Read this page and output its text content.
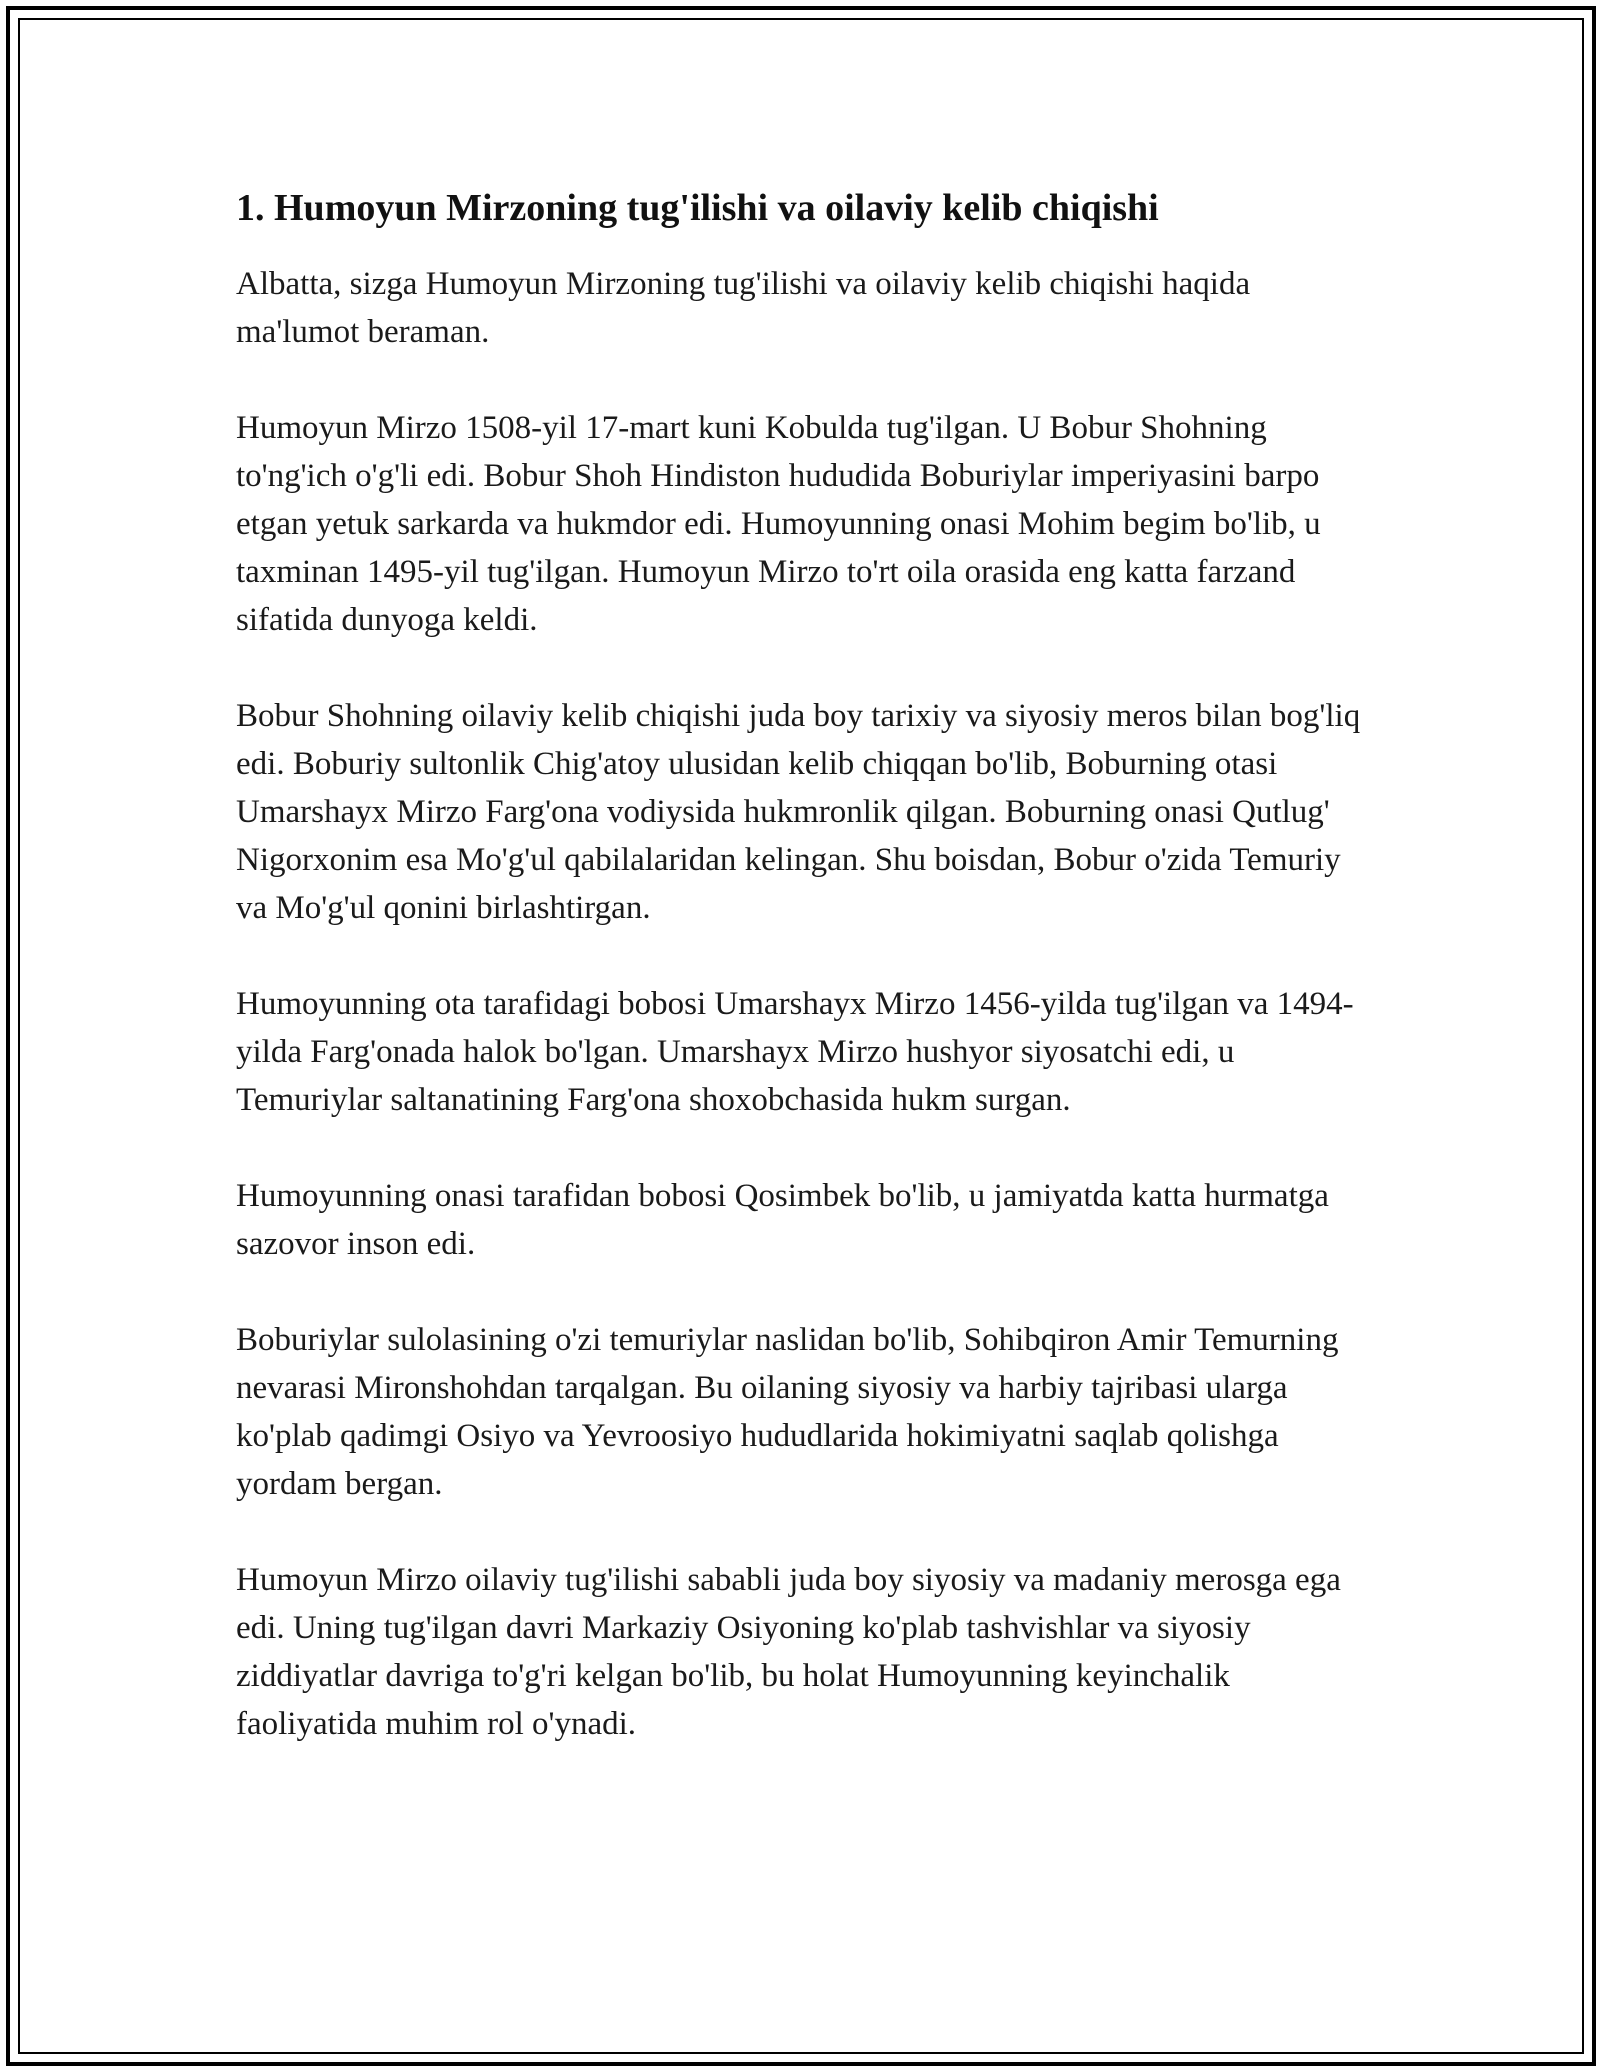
1. Humoyun Mirzoning tug'ilishi va oilaviy kelib chiqishi

Albatta, sizga Humoyun Mirzoning tug'ilishi va oilaviy kelib chiqishi haqida ma'lumot beraman.

Humoyun Mirzo 1508-yil 17-mart kuni Kobulda tug'ilgan. U Bobur Shohning to'ng'ich o'g'li edi. Bobur Shoh Hindiston hududida Boburiylar imperiyasini barpo etgan yetuk sarkarda va hukmdor edi. Humoyunning onasi Mohim begim bo'lib, u taxminan 1495-yil tug'ilgan. Humoyun Mirzo to'rt oila orasida eng katta farzand sifatida dunyoga keldi.

Bobur Shohning oilaviy kelib chiqishi juda boy tarixiy va siyosiy meros bilan bog'liq edi. Boburiy sultonlik Chig'atoy ulusidan kelib chiqqan bo'lib, Boburning otasi Umarshayx Mirzo Farg'ona vodiysida hukmronlik qilgan. Boburning onasi Qutlug' Nigorxonim esa Mo'g'ul qabilalaridan kelingan. Shu boisdan, Bobur o'zida Temuriy va Mo'g'ul qonini birlashtirgan.

Humoyunning ota tarafidagi bobosi Umarshayx Mirzo 1456-yilda tug'ilgan va 1494-yilda Farg'onada halok bo'lgan. Umarshayx Mirzo hushyor siyosatchi edi, u Temuriylar saltanatining Farg'ona shoxobchasida hukm surgan.

Humoyunning onasi tarafidan bobosi Qosimbek bo'lib, u jamiyatda katta hurmatga sazovor inson edi.

Boburiylar sulolasining o'zi temuriylar naslidan bo'lib, Sohibqiron Amir Temurning nevarasi Mironshohdan tarqalgan. Bu oilaning siyosiy va harbiy tajribasi ularga ko'plab qadimgi Osiyo va Yevroosiyo hududlarida hokimiyatni saqlab qolishga yordam bergan.

Humoyun Mirzo oilaviy tug'ilishi sababli juda boy siyosiy va madaniy merosga ega edi. Uning tug'ilgan davri Markaziy Osiyoning ko'plab tashvishlar va siyosiy ziddiyatlar davriga to'g'ri kelgan bo'lib, bu holat Humoyunning keyinchalik faoliyatida muhim rol o'ynadi.
